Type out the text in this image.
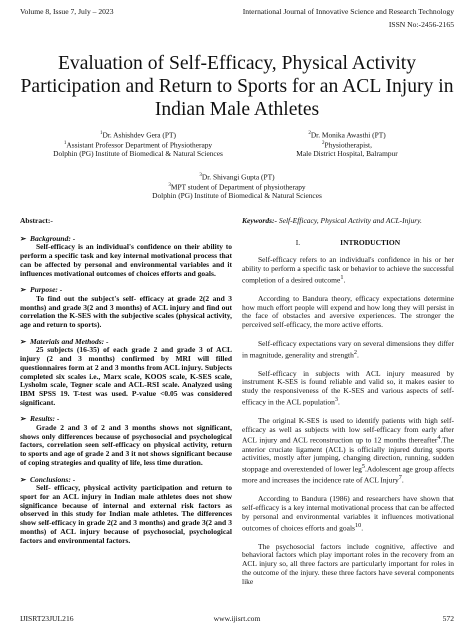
Volume 8, Issue 7, July – 2023	International Journal of Innovative Science and Research Technology
ISSN No:-2456-2165
Evaluation of Self-Efficacy, Physical Activity Participation and Return to Sports for an ACL Injury in Indian Male Athletes
$^1$Dr. Ashishdev Gera (PT)
$^1$Assistant Professor Department of Physiotherapy
Dolphin (PG) Institute of Biomedical & Natural Sciences
$^2$Dr. Monika Awasthi (PT)
$^2$Physiotherapist,
Male District Hospital, Balrampur
$^3$Dr. Shivangi Gupta (PT)
$^3$MPT student of Department of physiotherapy
Dolphin (PG) Institute of Biomedical & Natural Sciences

Abstract:-

➢ Background: -

Self-efficacy is an individual's confidence on their ability to perform a specific task and key internal motivational process that can be affected by personal and environmental variables and it influences motivational outcomes of choices efforts and goals.

➢ Purpose: -

To find out the subject's self- efficacy at grade 2(2 and 3 months) and grade 3(2 and 3 months) of ACL injury and find out correlation the K-SES with the subjective scales (physical activity, age and return to sports).

➢ Materials and Methods: -

25 subjects (16-35) of each grade 2 and grade 3 of ACL injury (2 and 3 months) confirmed by MRI will filled questionnaires form at 2 and 3 months from ACL injury. Subjects completed six scales i.e., Marx scale, KOOS scale, K-SES scale, Lysholm scale, Tegner scale and ACL-RSI scale. Analyzed using IBM SPSS 19. T-test was used. P-value <0.05 was considered significant.

➢ Results: -

Grade 2 and 3 of 2 and 3 months shows not significant, shows only differences because of psychosocial and psychological factors, correlation seen self-efficacy on physical activity, return to sports and age of grade 2 and 3 it not shows significant because of coping strategies and quality of life, less time duration.

➢ Conclusions: -

Self- efficacy, physical activity participation and return to sport for an ACL injury in Indian male athletes does not show significance because of internal and external risk factors as observed in this study for Indian male athletes. The differences show self-efficacy in grade 2(2 and 3 months) and grade 3(2 and 3 months) of ACL injury because of psychosocial, psychological factors and environmental factors.

Keywords:- Self-Efficacy, Physical Activity and ACL-Injury.

I.	INTRODUCTION

Self-efficacy refers to an individual's confidence in his or her ability to perform a specific task or behavior to achieve the successful completion of a desired outcome$^1$.

According to Bandura theory, efficacy expectations determine how much effort people will expend and how long they will persist in the face of obstacles and aversive experiences. The stronger the perceived self-efficacy, the more active efforts.

Self-efficacy expectations vary on several dimensions they differ in magnitude, generality and strength$^2$.

Self-efficacy in subjects with ACL injury measured by instrument K-SES is found reliable and valid so, it makes easier to study the responsiveness of the K-SES and various aspects of self-efficacy in the ACL population$^3$.

The original K-SES is used to identify patients with high self-efficacy as well as subjects with low self-efficacy from early after ACL injury and ACL reconstruction up to 12 months thereafter$^4$.The anterior cruciate ligament (ACL) is officially injured during sports activities, mostly after jumping, changing direction, running, sudden stoppage and overextended of lower leg$^5$.Adolescent age group affects more and increases the incidence rate of ACL Injury$^7$.

According to Bandura (1986) and researchers have shown that self-efficacy is a key internal motivational process that can be affected by personal and environmental variables it influences motivational outcomes of choices efforts and goals$^{10}$.

The psychosocial factors include cognitive, affective and behavioral factors which play important roles in the recovery from an ACL injury so, all three factors are particularly important for roles in the outcome of the injury. these three factors have several components like

IJISRT23JUL216	www.ijisrt.com	572
